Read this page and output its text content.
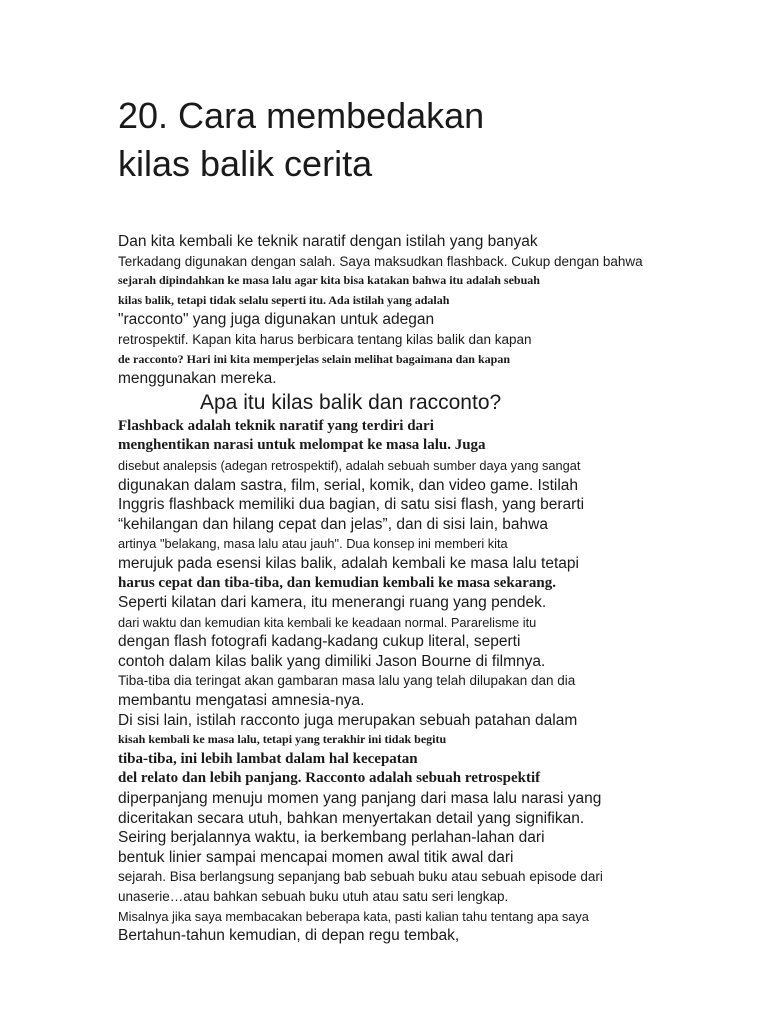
20. Cara membedakan
kilas balik cerita

Dan kita kembali ke teknik naratif dengan istilah yang banyak

Terkadang digunakan dengan salah. Saya maksudkan flashback. Cukup dengan bahwa

sejarah dipindahkan ke masa lalu agar kita bisa katakan bahwa itu adalah sebuah

kilas balik, tetapi tidak selalu seperti itu. Ada istilah yang adalah

"racconto" yang juga digunakan untuk adegan

retrospektif. Kapan kita harus berbicara tentang kilas balik dan kapan

de racconto? Hari ini kita memperjelas selain melihat bagaimana dan kapan

menggunakan mereka.

Apa itu kilas balik dan racconto?

Flashback adalah teknik naratif yang terdiri dari

menghentikan narasi untuk melompat ke masa lalu. Juga

disebut analepsis (adegan retrospektif), adalah sebuah sumber daya yang sangat

digunakan dalam sastra, film, serial, komik, dan video game. Istilah

Inggris flashback memiliki dua bagian, di satu sisi flash, yang berarti

“kehilangan dan hilang cepat dan jelas”, dan di sisi lain, bahwa

artinya "belakang, masa lalu atau jauh". Dua konsep ini memberi kita

merujuk pada esensi kilas balik, adalah kembali ke masa lalu tetapi

harus cepat dan tiba-tiba, dan kemudian kembali ke masa sekarang.

Seperti kilatan dari kamera, itu menerangi ruang yang pendek.

dari waktu dan kemudian kita kembali ke keadaan normal. Pararelisme itu

dengan flash fotografi kadang-kadang cukup literal, seperti

contoh dalam kilas balik yang dimiliki Jason Bourne di filmnya.

Tiba-tiba dia teringat akan gambaran masa lalu yang telah dilupakan dan dia

membantu mengatasi amnesia-nya.

Di sisi lain, istilah racconto juga merupakan sebuah patahan dalam

kisah kembali ke masa lalu, tetapi yang terakhir ini tidak begitu

tiba-tiba, ini lebih lambat dalam hal kecepatan

del relato dan lebih panjang. Racconto adalah sebuah retrospektif

diperpanjang menuju momen yang panjang dari masa lalu narasi yang

diceritakan secara utuh, bahkan menyertakan detail yang signifikan.

Seiring berjalannya waktu, ia berkembang perlahan-lahan dari

bentuk linier sampai mencapai momen awal titik awal dari

sejarah. Bisa berlangsung sepanjang bab sebuah buku atau sebuah episode dari

unaserie…atau bahkan sebuah buku utuh atau satu seri lengkap.

Misalnya jika saya membacakan beberapa kata, pasti kalian tahu tentang apa saya

Bertahun-tahun kemudian, di depan regu tembak,
